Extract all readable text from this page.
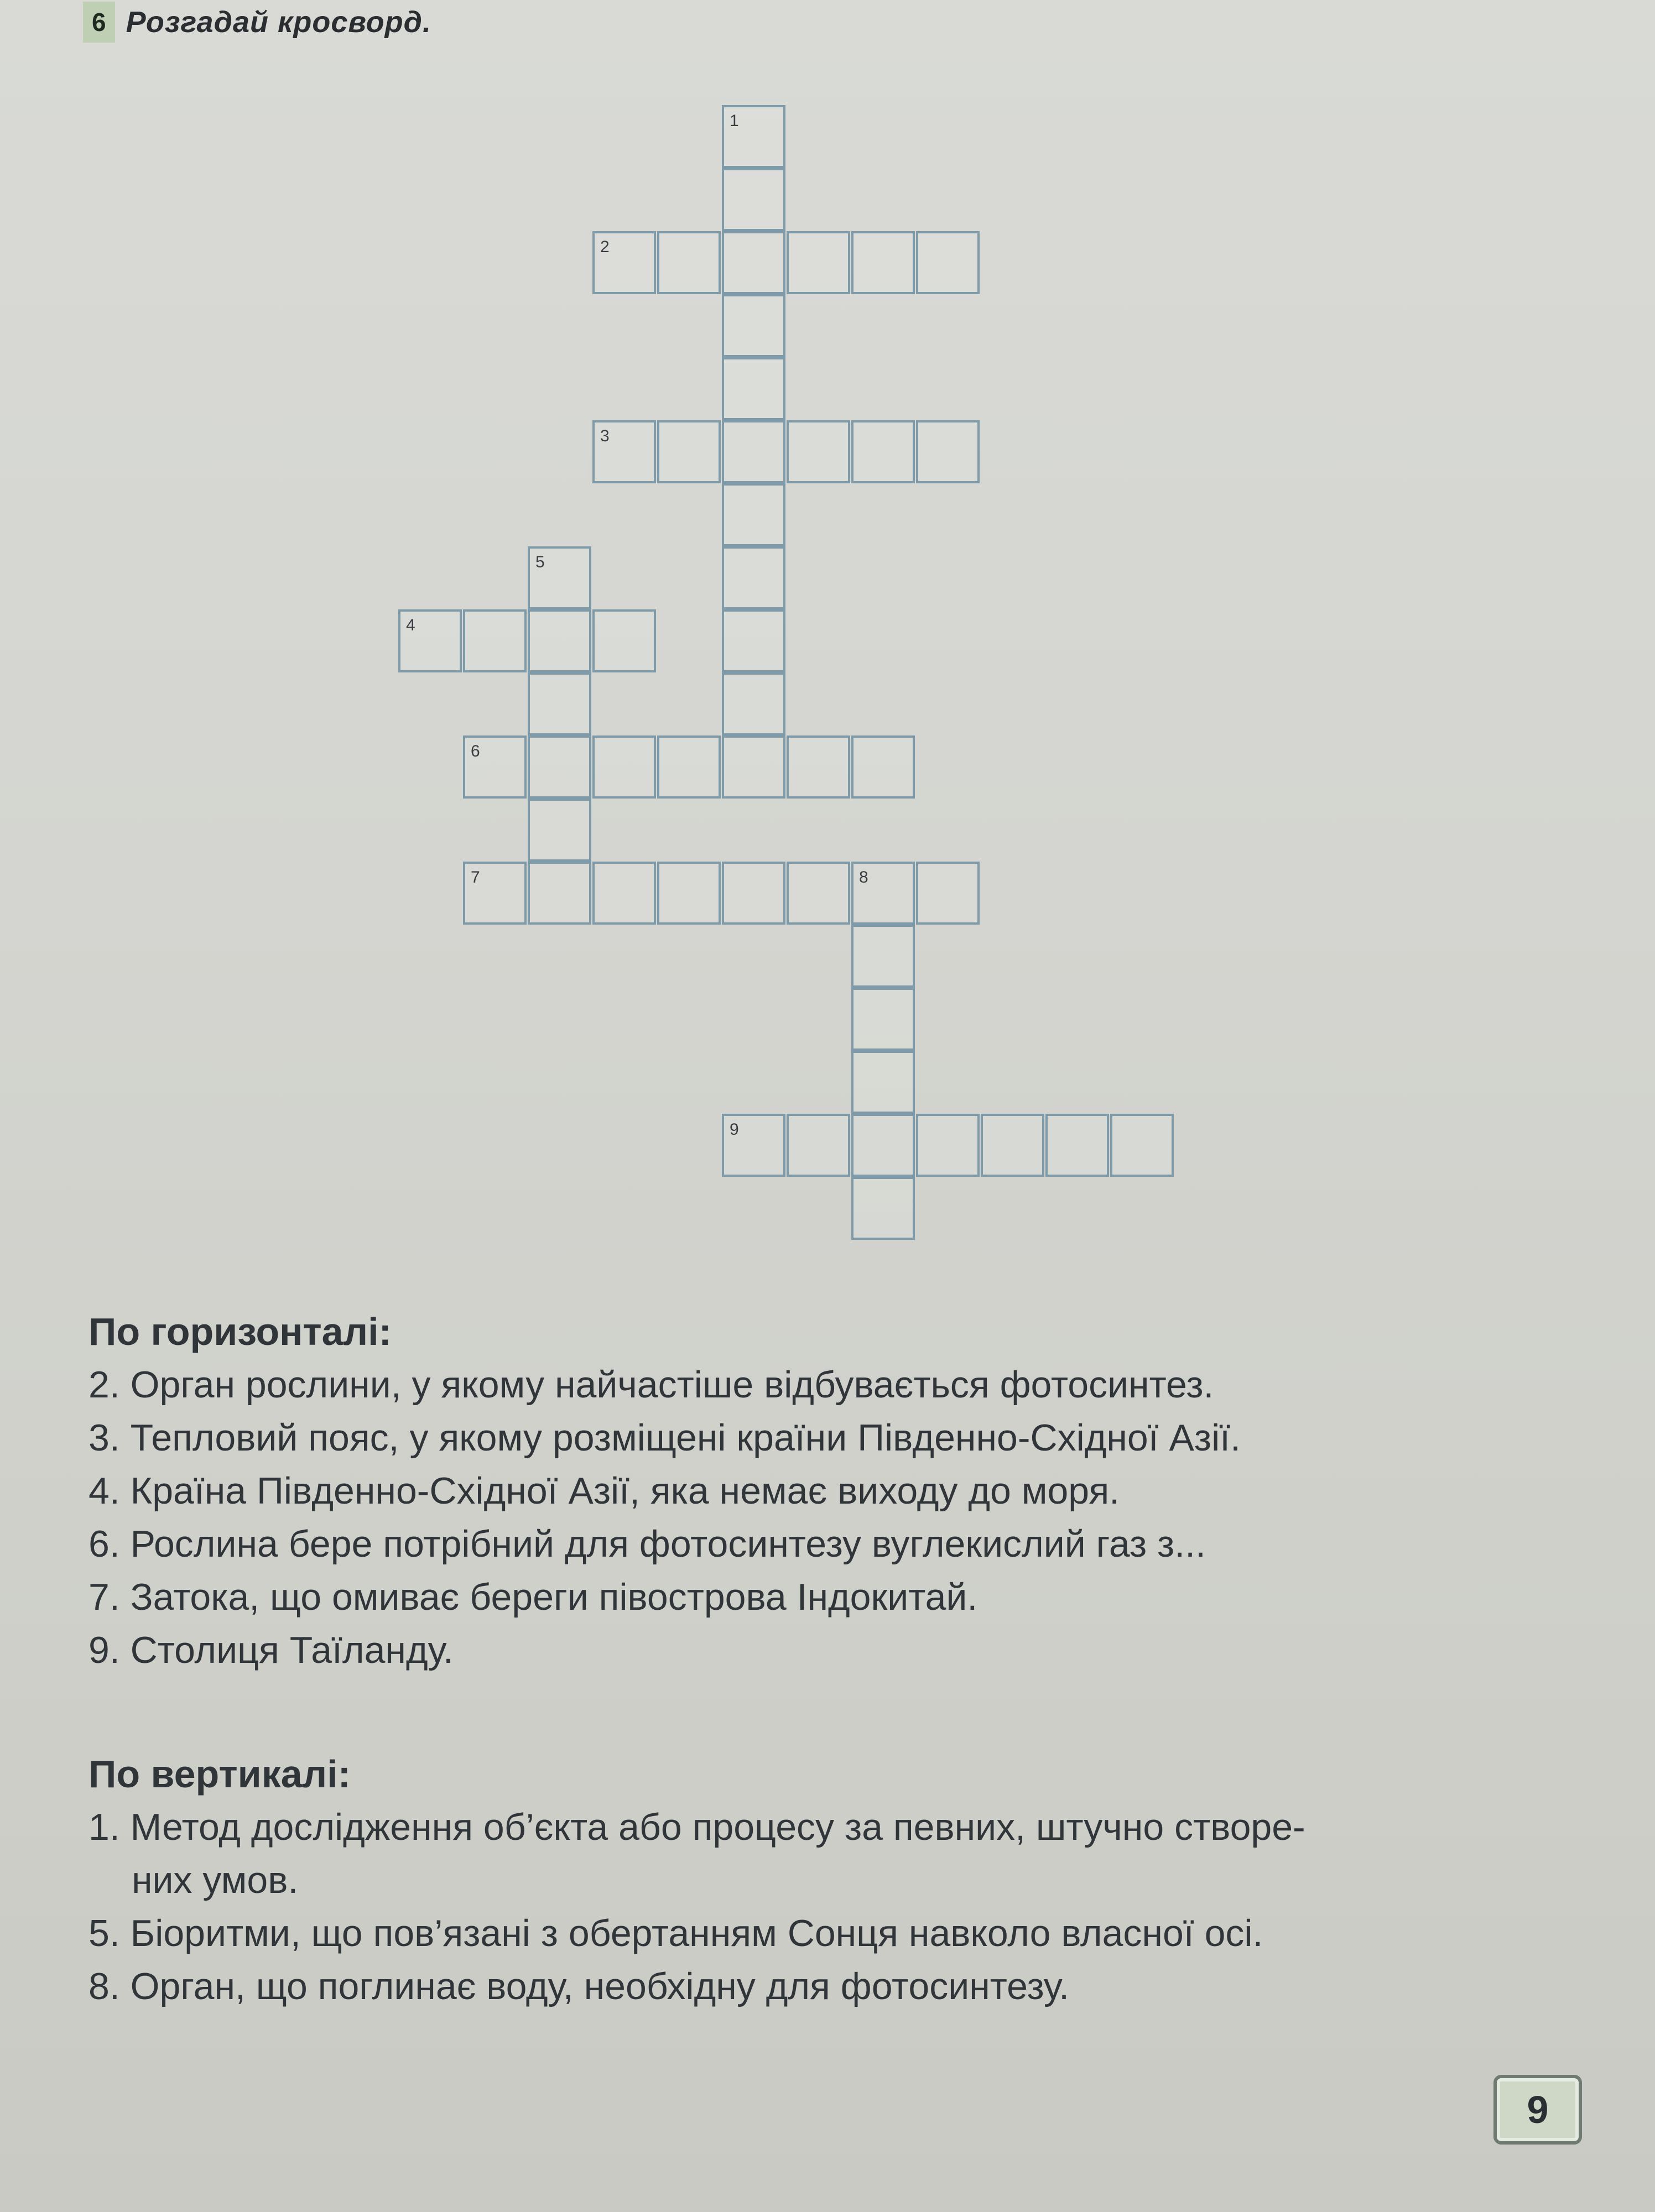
6 Розгадай кросворд.
1
2
3
5
4
6
7	8
9
По горизонталі:
2. Орган рослини, у якому найчастіше відбувається фотосинтез.
3. Тепловий пояс, у якому розміщені країни Південно-Східної Азії.
4. Країна Південно-Східної Азії, яка немає виходу до моря.
6. Рослина бере потрібний для фотосинтезу вуглекислий газ з...
7. Затока, що омиває береги півострова Індокитай.
9. Столиця Таїланду.
По вертикалі:
1. Метод дослідження об’єкта або процесу за певних, штучно створе-
них умов.
5. Біоритми, що пов’язані з обертанням Сонця навколо власної осі.
8. Орган, що поглинає воду, необхідну для фотосинтезу.
9
